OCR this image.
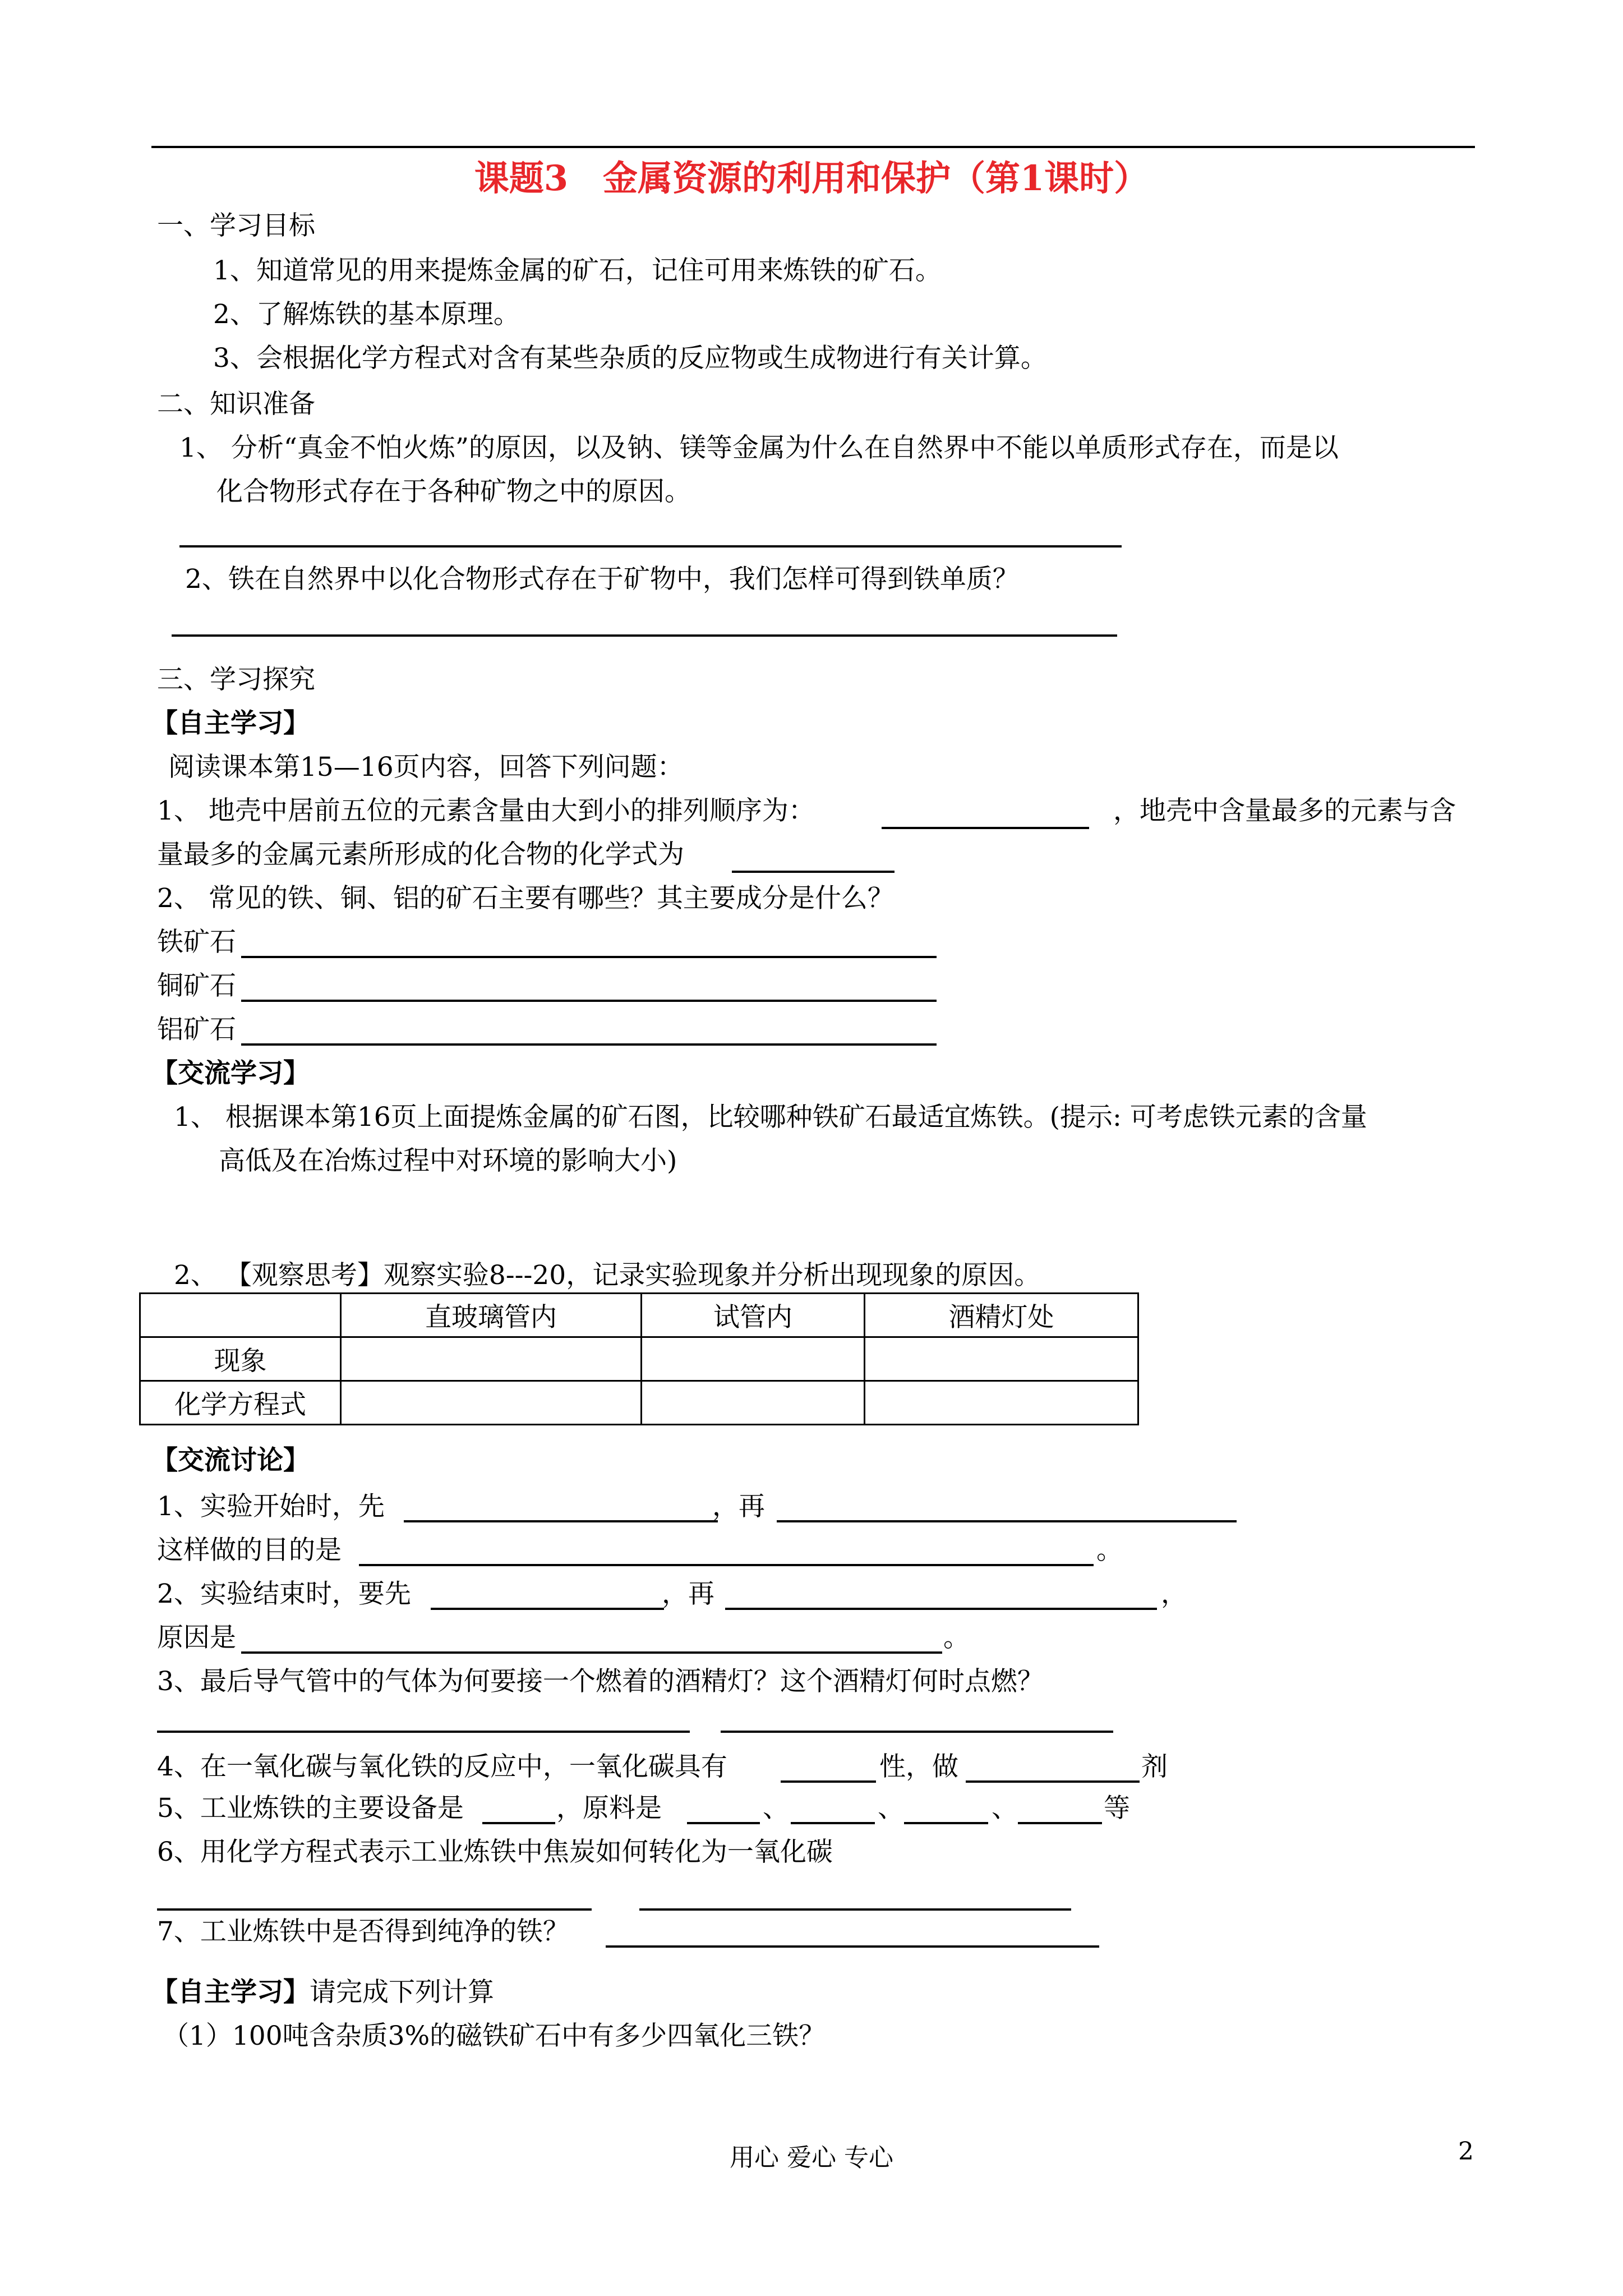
课题3　金属资源的利用和保护（第1课时）
一、学习目标
1、知道常见的用来提炼金属的矿石，记住可用来炼铁的矿石。
2、了解炼铁的基本原理。
3、会根据化学方程式对含有某些杂质的反应物或生成物进行有关计算。
二、知识准备
1、 分析“真金不怕火炼”的原因，以及钠、镁等金属为什么在自然界中不能以单质形式存在，而是以
化合物形式存在于各种矿物之中的原因。
2、铁在自然界中以化合物形式存在于矿物中，我们怎样可得到铁单质？
三、学习探究
【自主学习】
阅读课本第15—16页内容，回答下列问题：
1、 地壳中居前五位的元素含量由大到小的排列顺序为：	，地壳中含量最多的元素与含
量最多的金属元素所形成的化合物的化学式为
2、 常见的铁、铜、铝的矿石主要有哪些？其主要成分是什么？
铁矿石
铜矿石
铝矿石
【交流学习】
1、 根据课本第16页上面提炼金属的矿石图，比较哪种铁矿石最适宜炼铁。(提示: 可考虑铁元素的含量
高低及在冶炼过程中对环境的影响大小)
2、 【观察思考】观察实验8---20，记录实验现象并分析出现现象的原因。
	直玻璃管内	试管内	酒精灯处
现象			
化学方程式			
【交流讨论】
1、实验开始时，先	，再
这样做的目的是	。
2、实验结束时，要先	，再	，
原因是	。
3、最后导气管中的气体为何要接一个燃着的酒精灯？这个酒精灯何时点燃？
4、在一氧化碳与氧化铁的反应中，一氧化碳具有	性，做	剂
5、工业炼铁的主要设备是	，原料是	、	、	、	等
6、用化学方程式表示工业炼铁中焦炭如何转化为一氧化碳
7、工业炼铁中是否得到纯净的铁？
【自主学习】请完成下列计算
（1）100吨含杂质3%的磁铁矿石中有多少四氧化三铁？
用心 爱心 专心	2
